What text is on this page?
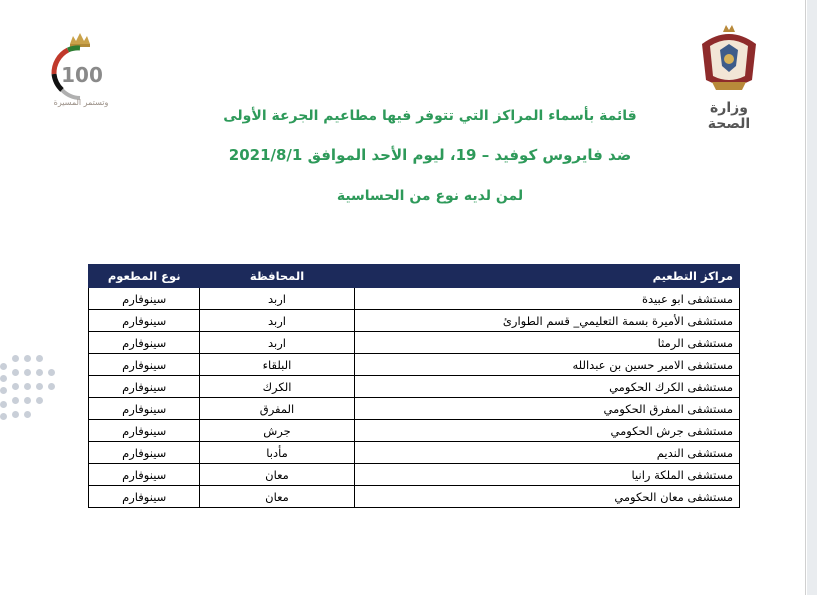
100
وتستمر المسيرة	وزارة الصحة
قائمة بأسماء المراكز التي تتوفر فيها مطاعيم الجرعة الأولى
ضد فايروس كوفيد – 19، ليوم الأحد الموافق 2021/8/1
لمن لديه نوع من الحساسية
مراكز التطعيم	المحافظة	نوع المطعوم
مستشفى ابو عبيدة	اربد	سينوفارم
مستشفى الأميرة بسمة التعليمي_ قسم الطوارئ	اربد	سينوفارم
مستشفى الرمثا	اربد	سينوفارم
مستشفى الامير حسين بن عبدالله	البلقاء	سينوفارم
مستشفى الكرك الحكومي	الكرك	سينوفارم
مستشفى المفرق الحكومي	المفرق	سينوفارم
مستشفى جرش الحكومي	جرش	سينوفارم
مستشفى النديم	مأدبا	سينوفارم
مستشفى الملكة رانيا	معان	سينوفارم
مستشفى معان الحكومي	معان	سينوفارم
